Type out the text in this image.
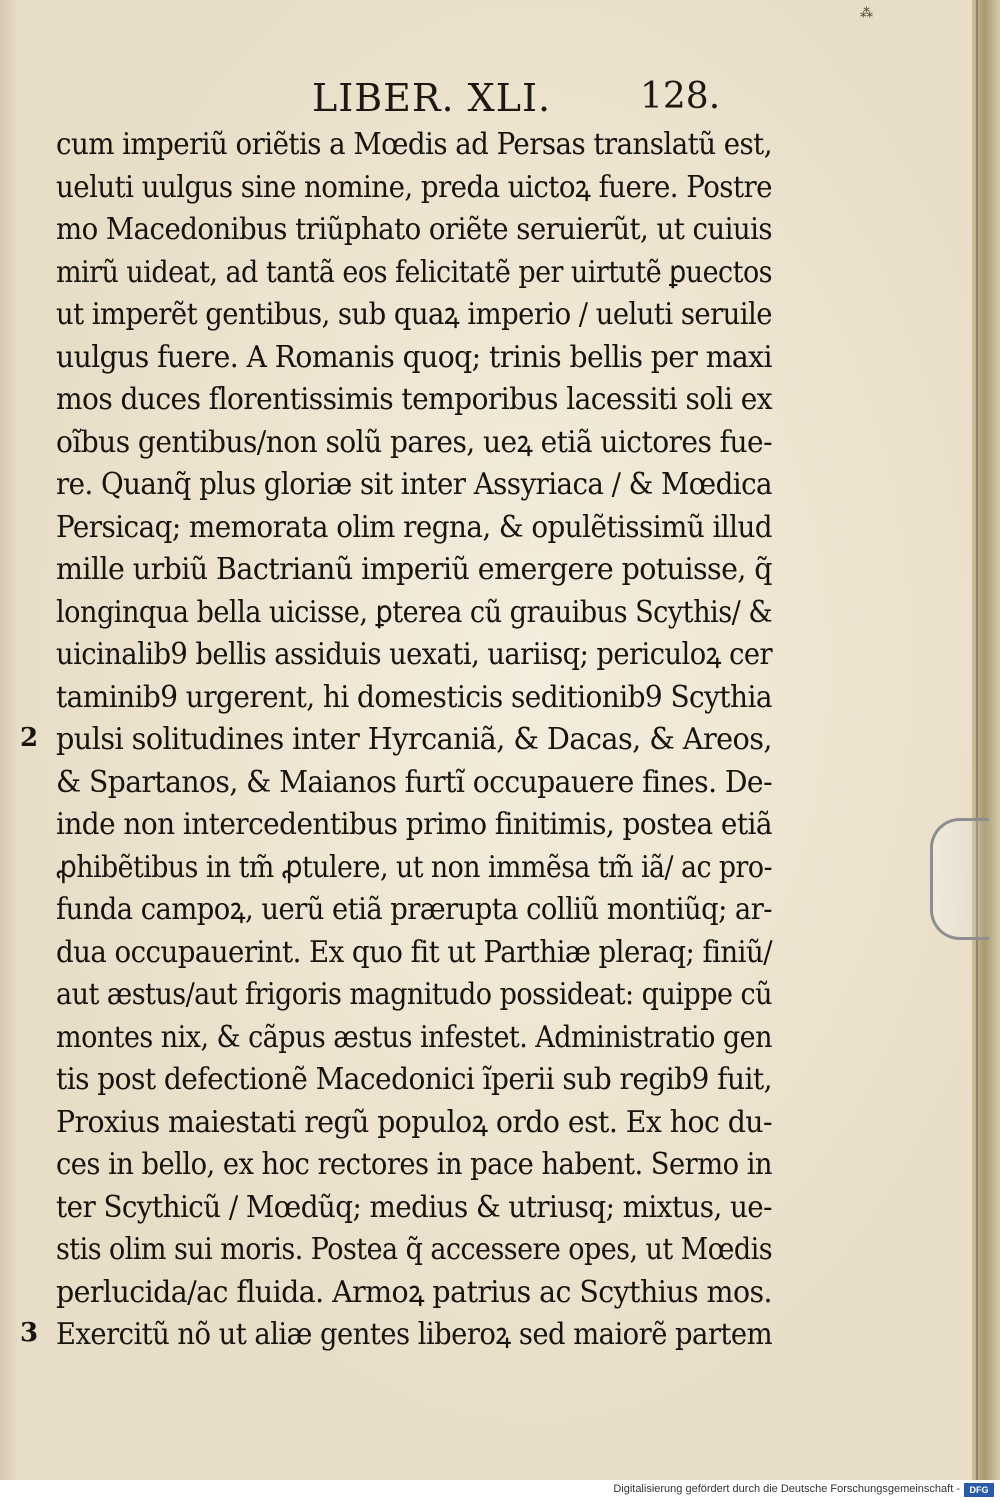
⁂
LIBER. XLI. 128.
cum imperiũ oriẽtis a Mœdis ad Persas translatũ est,
ueluti uulgus sine nomine, preda uictoꝝ fuere. Postre
mo Macedonibus triũphato oriẽte seruierũt, ut cuiuis
mirũ uideat, ad tantã eos felicitatẽ per uirtutẽ ꝑuectos
ut imperẽt gentibus, sub quaꝝ imperio / ueluti seruile
uulgus fuere. A Romanis quoq; trinis bellis per maxi
mos duces florentissimis temporibus lacessiti soli ex
oĩbus gentibus/non solũ pares, ueꝝ etiã uictores fue-
re. Quanq̃ plus gloriæ sit inter Assyriaca / & Mœdica
Persicaq; memorata olim regna, & opulẽtissimũ illud
mille urbiũ Bactrianũ imperiũ emergere potuisse, q̃
longinqua bella uicisse, ꝑterea cũ grauibus Scythis/ &
uicinalib9 bellis assiduis uexati, uariisq; periculoꝝ cer
taminib9 urgerent, hi domesticis seditionib9 Scythia
pulsi solitudines inter Hyrcaniã, & Dacas, & Areos,
& Spartanos, & Maianos furtĩ occupauere fines. De-
inde non intercedentibus primo finitimis, postea etiã
ꝓhibẽtibus in tm̃ ꝓtulere, ut non immẽsa tm̃ iã/ ac pro-
funda campoꝝ, uerũ etiã prærupta colliũ montiũq; ar-
dua occupauerint. Ex quo fit ut Parthiæ pleraq; finiũ/
aut æstus/aut frigoris magnitudo possideat: quippe cũ
montes nix, & cãpus æstus infestet. Administratio gen
tis post defectionẽ Macedonici ĩperii sub regib9 fuit,
Proxius maiestati regũ populoꝝ ordo est. Ex hoc du-
ces in bello, ex hoc rectores in pace habent. Sermo in
ter Scythicũ / Mœdũq; medius & utriusq; mixtus, ue-
stis olim sui moris. Postea q̃ accessere opes, ut Mœdis
perlucida/ac fluida. Armoꝝ patrius ac Scythius mos.
Exercitũ nõ ut aliæ gentes liberoꝝ sed maiorẽ partem
2
3
Digitalisierung gefördert durch die Deutsche Forschungsgemeinschaft -	DFG
